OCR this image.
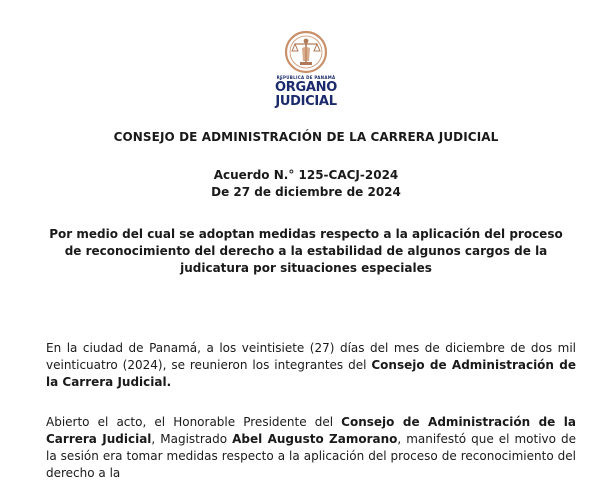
REPÚBLICA DE PANAMÁ
ÓRGANO
JUDICIAL
CONSEJO DE ADMINISTRACIÓN DE LA CARRERA JUDICIAL
Acuerdo N.° 125-CACJ-2024
De 27 de diciembre de 2024
Por medio del cual se adoptan medidas respecto a la aplicación del proceso de reconocimiento del derecho a la estabilidad de algunos cargos de la judicatura por situaciones especiales
En la ciudad de Panamá, a los veintisiete (27) días del mes de diciembre de dos mil veinticuatro (2024), se reunieron los integrantes del Consejo de Administración de la Carrera Judicial.
Abierto el acto, el Honorable Presidente del Consejo de Administración de la Carrera Judicial, Magistrado Abel Augusto Zamorano, manifestó que el motivo de la sesión era tomar medidas respecto a la aplicación del proceso de reconocimiento del derecho a la
